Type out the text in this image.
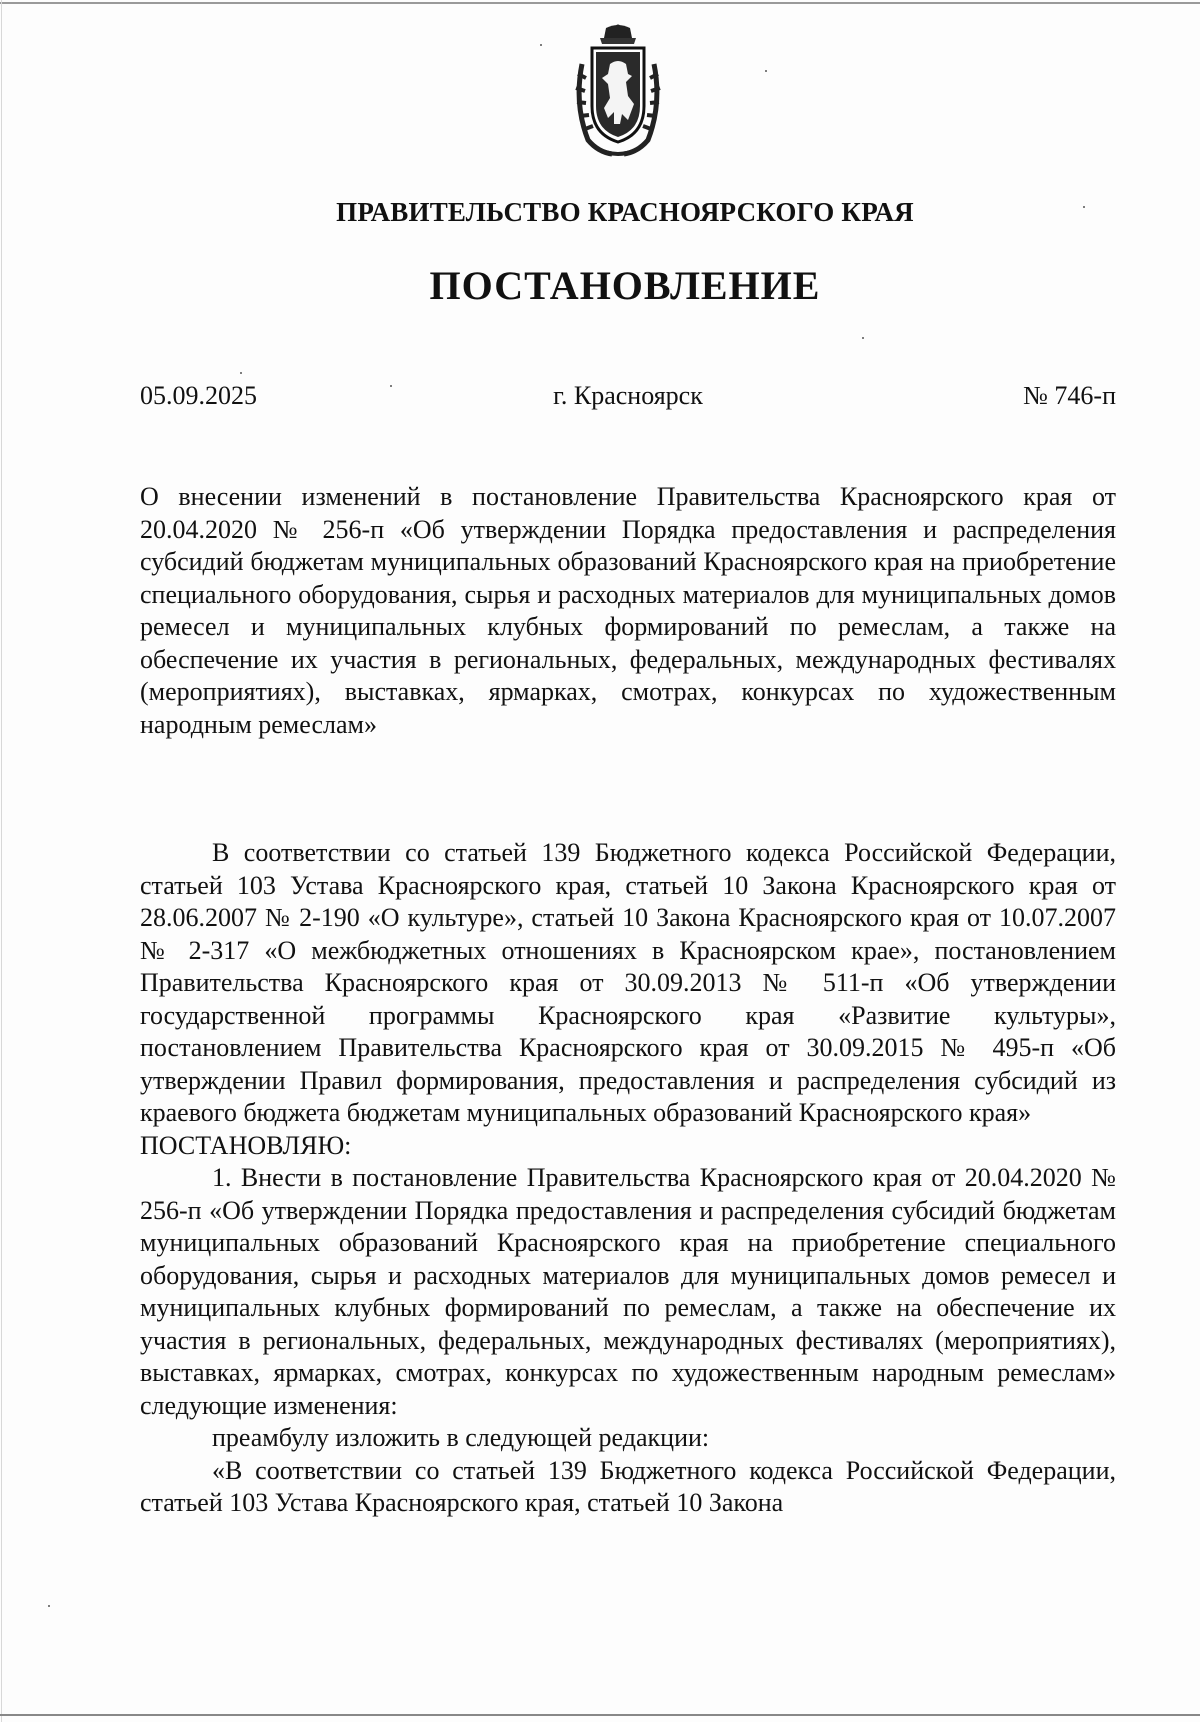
ПРАВИТЕЛЬСТВО КРАСНОЯРСКОГО КРАЯ
ПОСТАНОВЛЕНИЕ
05.09.2025	г. Красноярск	№ 746-п

О внесении изменений в постановление Правительства Красноярского края от 20.04.2020 № 256-п «Об утверждении Порядка предоставления и распределения субсидий бюджетам муниципальных образований Красноярского края на приобретение специального оборудования, сырья и расходных материалов для муниципальных домов ремесел и муниципальных клубных формирований по ремеслам, а также на обеспечение их участия в региональных, федеральных, международных фестивалях (мероприятиях), выставках, ярмарках, смотрах, конкурсах по художественным народным ремеслам»

В соответствии со статьей 139 Бюджетного кодекса Российской Федерации, статьей 103 Устава Красноярского края, статьей 10 Закона Красноярского края от 28.06.2007 № 2-190 «О культуре», статьей 10 Закона Красноярского края от 10.07.2007 № 2-317 «О межбюджетных отношениях в Красноярском крае», постановлением Правительства Красноярского края от 30.09.2013 № 511-п «Об утверждении государственной программы Красноярского края «Развитие культуры», постановлением Правительства Красноярского края от 30.09.2015 № 495-п «Об утверждении Правил формирования, предоставления и распределения субсидий из краевого бюджета бюджетам муниципальных образований Красноярского края»

ПОСТАНОВЛЯЮ:

1. Внести в постановление Правительства Красноярского края от 20.04.2020 № 256-п «Об утверждении Порядка предоставления и распределения субсидий бюджетам муниципальных образований Красноярского края на приобретение специального оборудования, сырья и расходных материалов для муниципальных домов ремесел и муниципальных клубных формирований по ремеслам, а также на обеспечение их участия в региональных, федеральных, международных фестивалях (мероприятиях), выставках, ярмарках, смотрах, конкурсах по художественным народным ремеслам» следующие изменения:

преамбулу изложить в следующей редакции:

«В соответствии со статьей 139 Бюджетного кодекса Российской Федерации, статьей 103 Устава Красноярского края, статьей 10 Закона
